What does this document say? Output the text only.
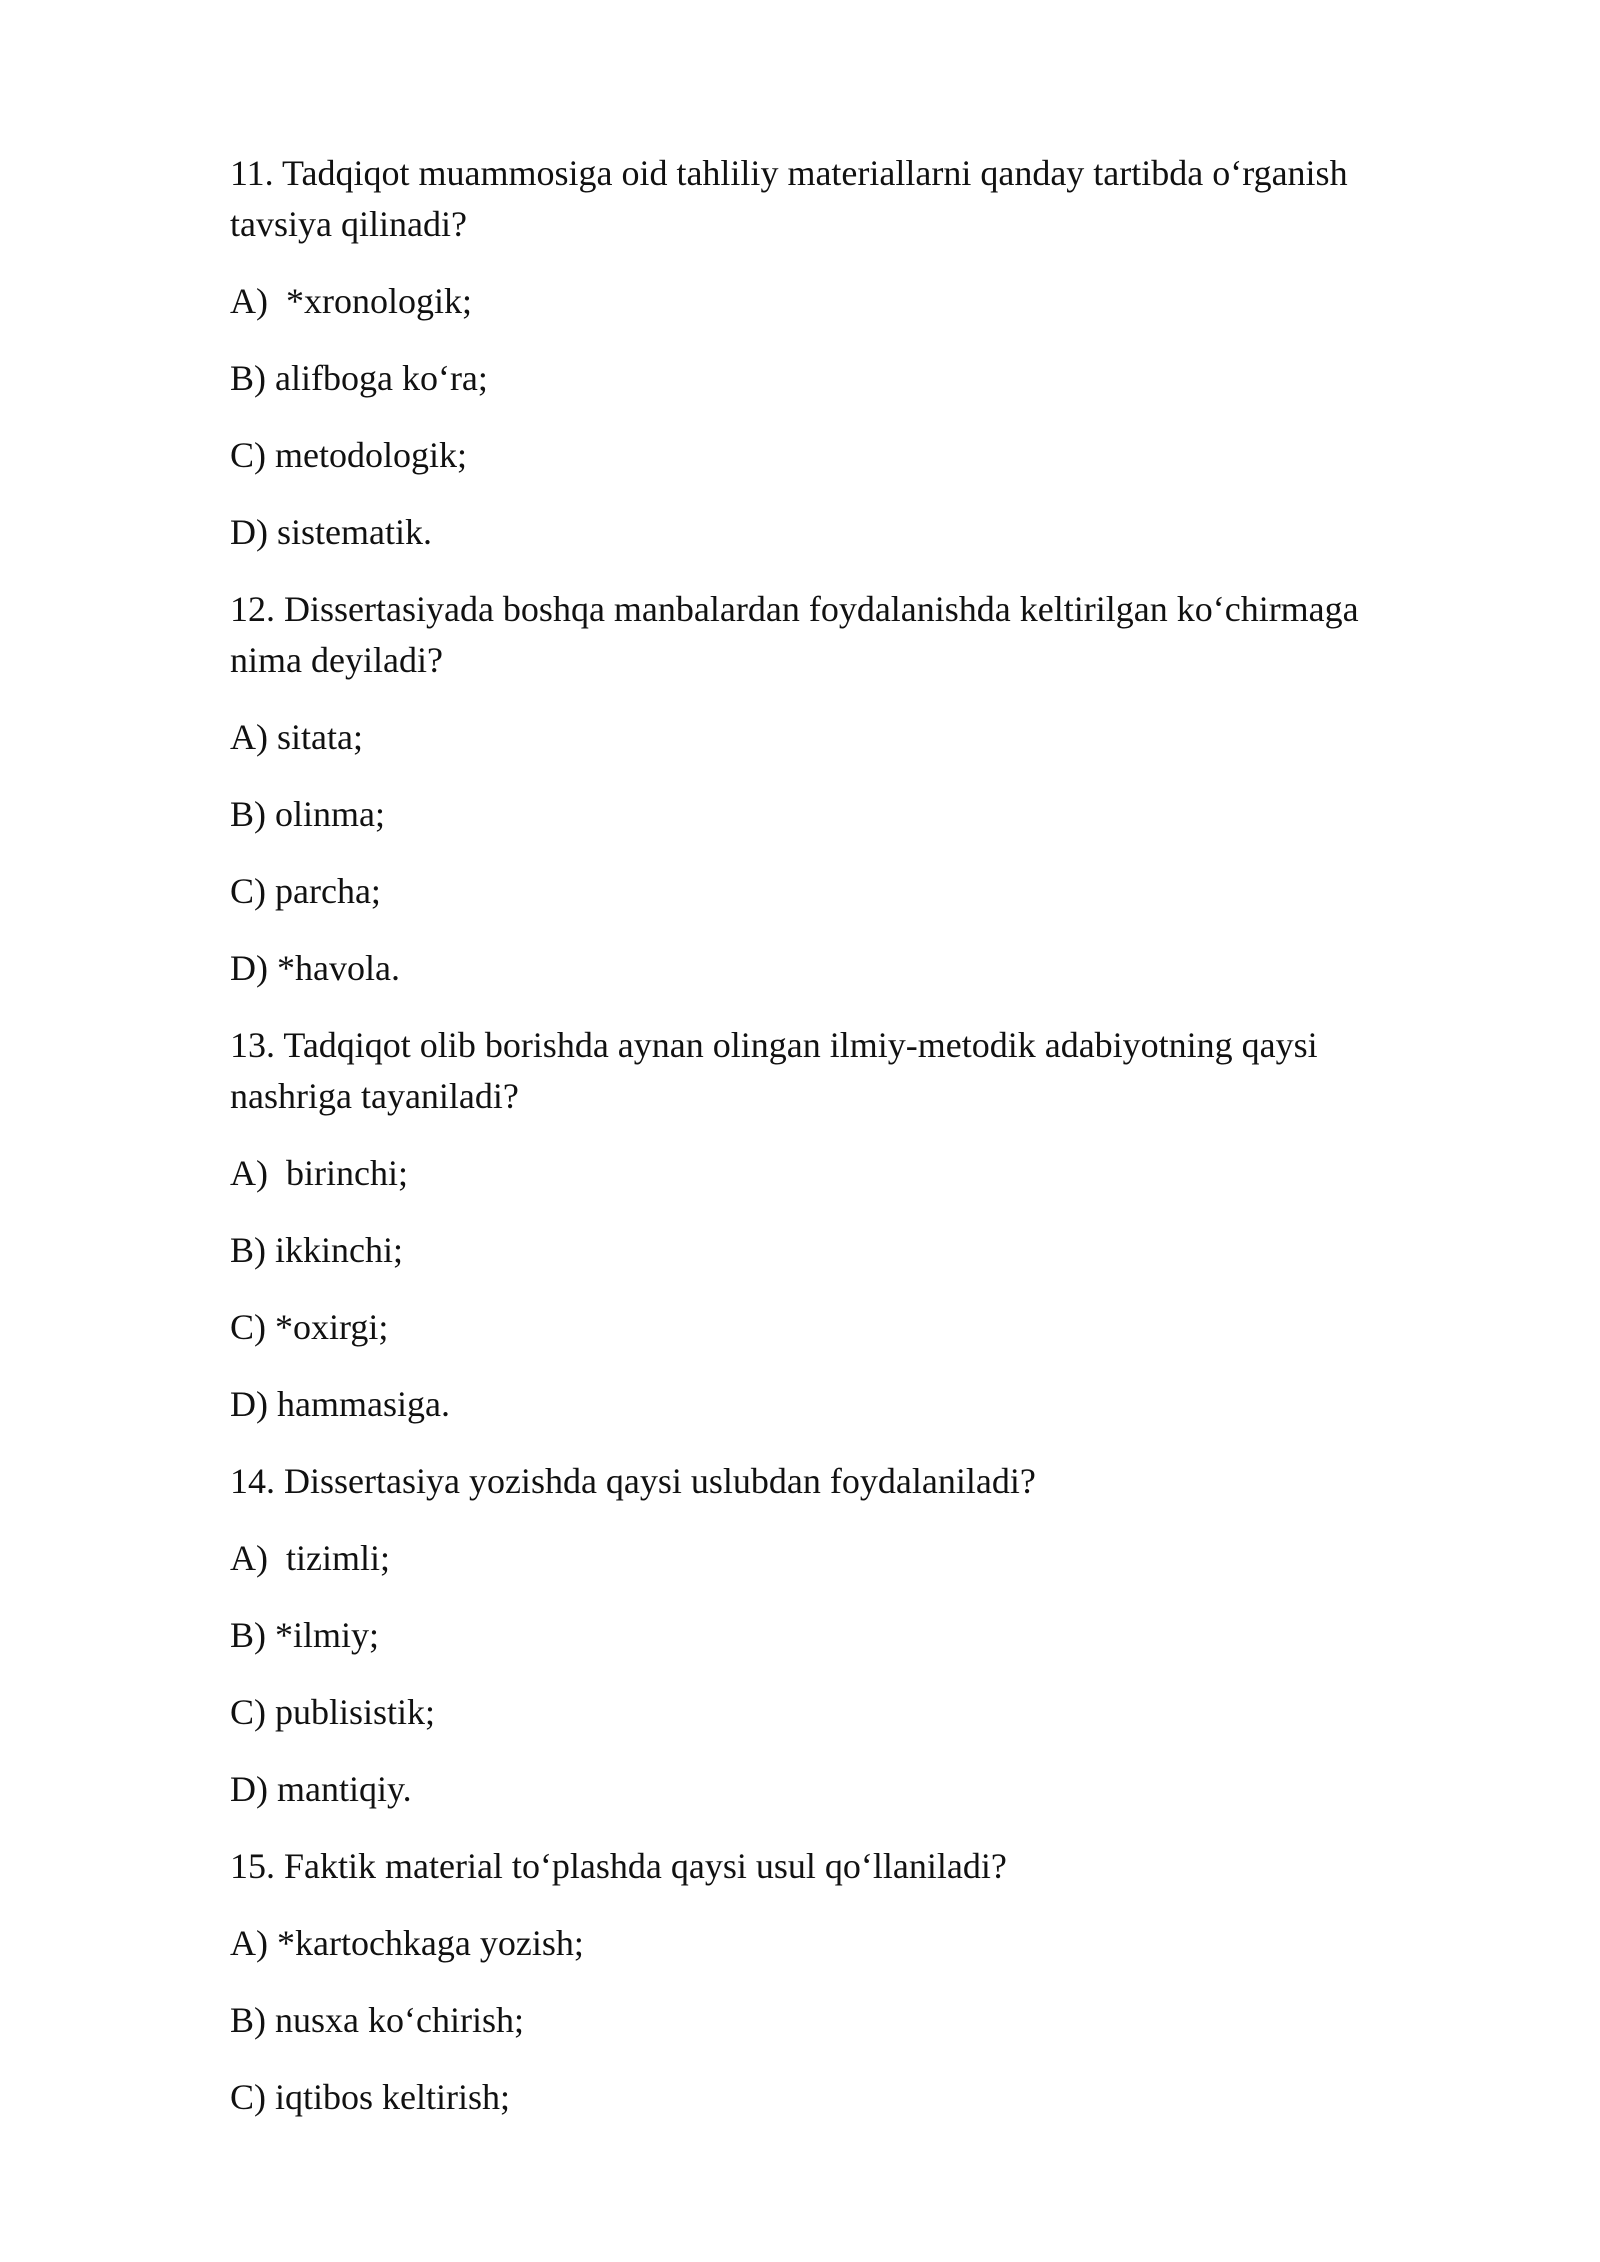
11. Tadqiqot muammosiga oid tahliliy materiallarni qanday tartibda o‘rganish tavsiya qilinadi?

A)  *xronologik;

B) alifboga ko‘ra;

C) metodologik;

D) sistematik.

12. Dissertasiyada boshqa manbalardan foydalanishda keltirilgan ko‘chirmaga nima deyiladi?

A) sitata;

B) olinma;

C) parcha;

D) *havola.

13. Tadqiqot olib borishda aynan olingan ilmiy-metodik adabiyotning qaysi nashriga tayaniladi?

A)  birinchi;

B) ikkinchi;

C) *oxirgi;

D) hammasiga.

14. Dissertasiya yozishda qaysi uslubdan foydalaniladi?

A)  tizimli;

B) *ilmiy;

C) publisistik;

D) mantiqiy.

15. Faktik material to‘plashda qaysi usul qo‘llaniladi?

A) *kartochkaga yozish;

B) nusxa ko‘chirish;

C) iqtibos keltirish;
